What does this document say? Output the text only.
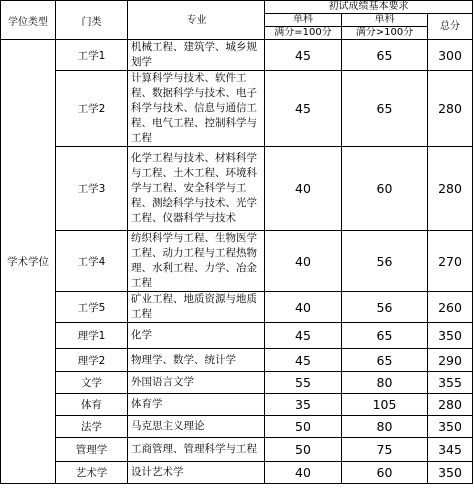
学位类型	门类	专业	初试成绩基本要求		
			单科	单科	总分
			满分=100分	满分>100分	
学术学位	工学1	机械工程、建筑学、城乡规划学	45	65	300
	工学2	计算科学与技术、软件工程、数据科学与技术、电子科学与技术、信息与通信工程、电气工程、控制科学与工程	45	65	280
	工学3	化学工程与技术、材料科学与工程、土木工程、环境科学与工程、安全科学与工程、测绘科学与技术、光学工程、仪器科学与技术	40	60	280
	工学4	纺织科学与工程、生物医学工程、动力工程与工程热物理、水利工程、力学、冶金工程	40	56	270
	工学5	矿业工程、地质资源与地质工程	40	56	260
	理学1	化学	45	65	350
	理学2	物理学、数学、统计学	45	65	290
	文学	外国语言文学	55	80	355
	体育	体育学	35	105	280
	法学	马克思主义理论	50	80	350
	管理学	工商管理、管理科学与工程	50	75	345
	艺术学	设计艺术学	40	60	350
